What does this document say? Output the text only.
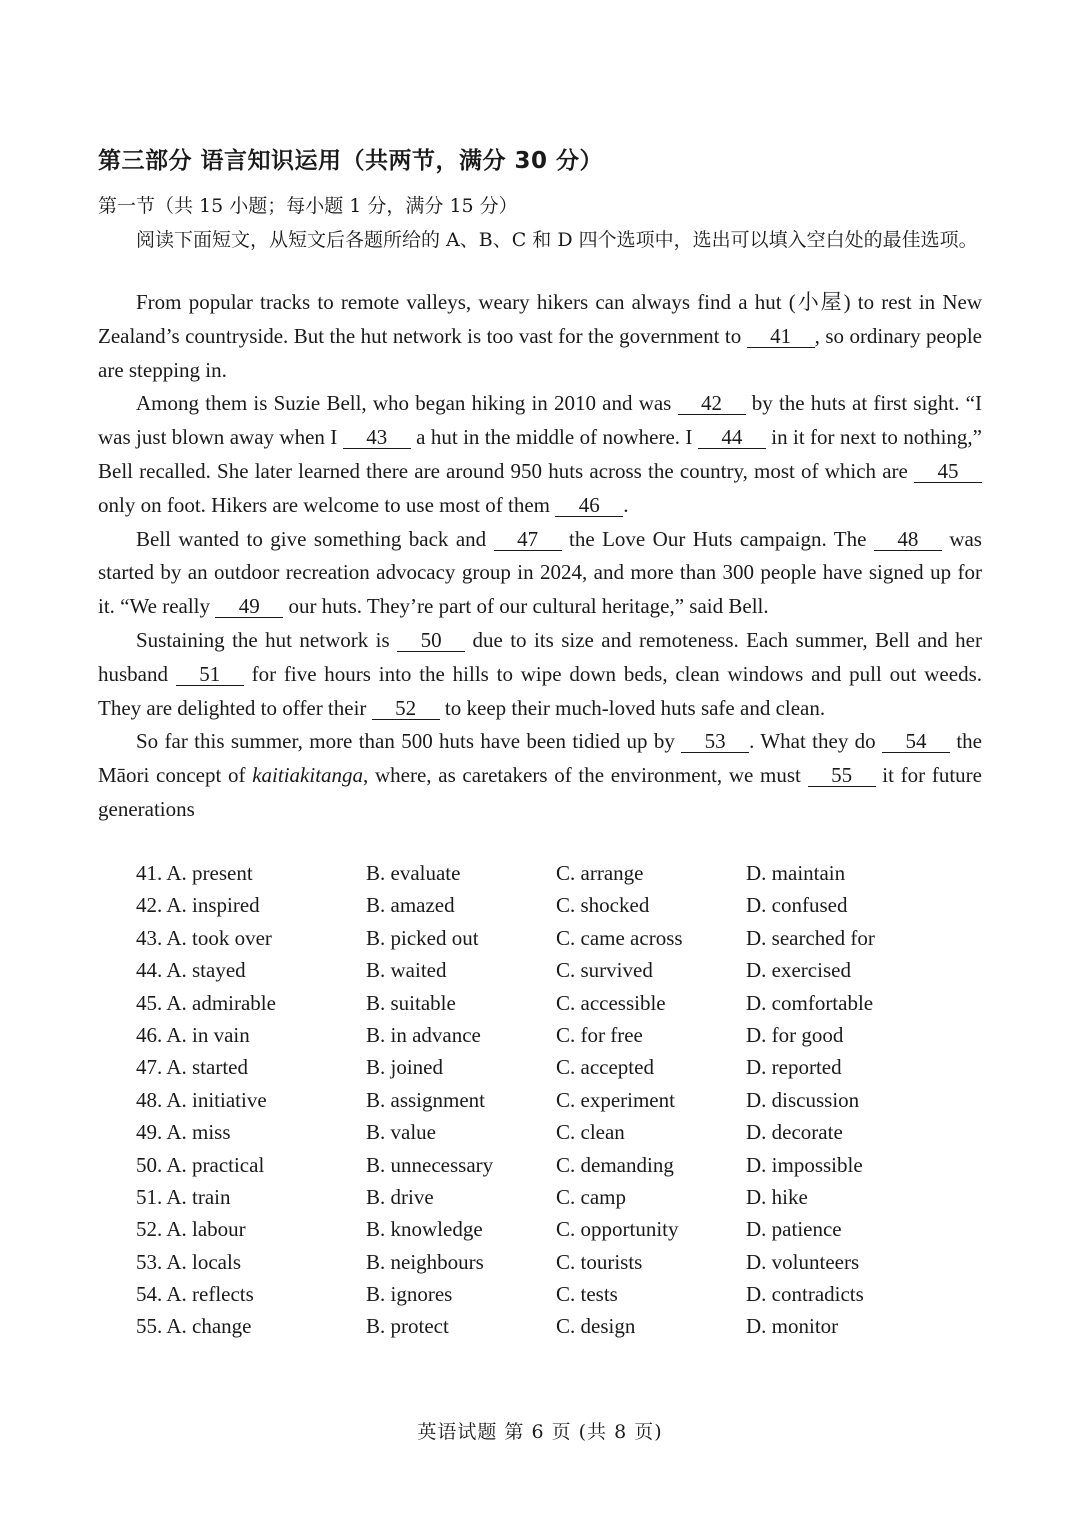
第三部分 语言知识运用（共两节，满分 30 分）
第一节（共 15 小题；每小题 1 分，满分 15 分）
阅读下面短文，从短文后各题所给的 A、B、C 和 D 四个选项中，选出可以填入空白处的最佳选项。

From popular tracks to remote valleys, weary hikers can always find a hut (小屋) to rest in New Zealand’s countryside. But the hut network is too vast for the government to 41 , so ordinary people are stepping in.

Among them is Suzie Bell, who began hiking in 2010 and was 42 by the huts at first sight. “I was just blown away when I 43 a hut in the middle of nowhere. I 44 in it for next to nothing,” Bell recalled. She later learned there are around 950 huts across the country, most of which are 45 only on foot. Hikers are welcome to use most of them 46 .

Bell wanted to give something back and 47 the Love Our Huts campaign. The 48 was started by an outdoor recreation advocacy group in 2024, and more than 300 people have signed up for it. “We really 49 our huts. They’re part of our cultural heritage,” said Bell.

Sustaining the hut network is 50 due to its size and remoteness. Each summer, Bell and her husband 51 for five hours into the hills to wipe down beds, clean windows and pull out weeds. They are delighted to offer their 52 to keep their much-loved huts safe and clean.

So far this summer, more than 500 huts have been tidied up by 53 . What they do 54 the Māori concept of kaitiakitanga, where, as caretakers of the environment, we must 55 it for future generations

41. A. present	B. evaluate	C. arrange	D. maintain
42. A. inspired	B. amazed	C. shocked	D. confused
43. A. took over	B. picked out	C. came across	D. searched for
44. A. stayed	B. waited	C. survived	D. exercised
45. A. admirable	B. suitable	C. accessible	D. comfortable
46. A. in vain	B. in advance	C. for free	D. for good
47. A. started	B. joined	C. accepted	D. reported
48. A. initiative	B. assignment	C. experiment	D. discussion
49. A. miss	B. value	C. clean	D. decorate
50. A. practical	B. unnecessary	C. demanding	D. impossible
51. A. train	B. drive	C. camp	D. hike
52. A. labour	B. knowledge	C. opportunity	D. patience
53. A. locals	B. neighbours	C. tourists	D. volunteers
54. A. reflects	B. ignores	C. tests	D. contradicts
55. A. change	B. protect	C. design	D. monitor
英语试题 第 6 页 (共 8 页)
